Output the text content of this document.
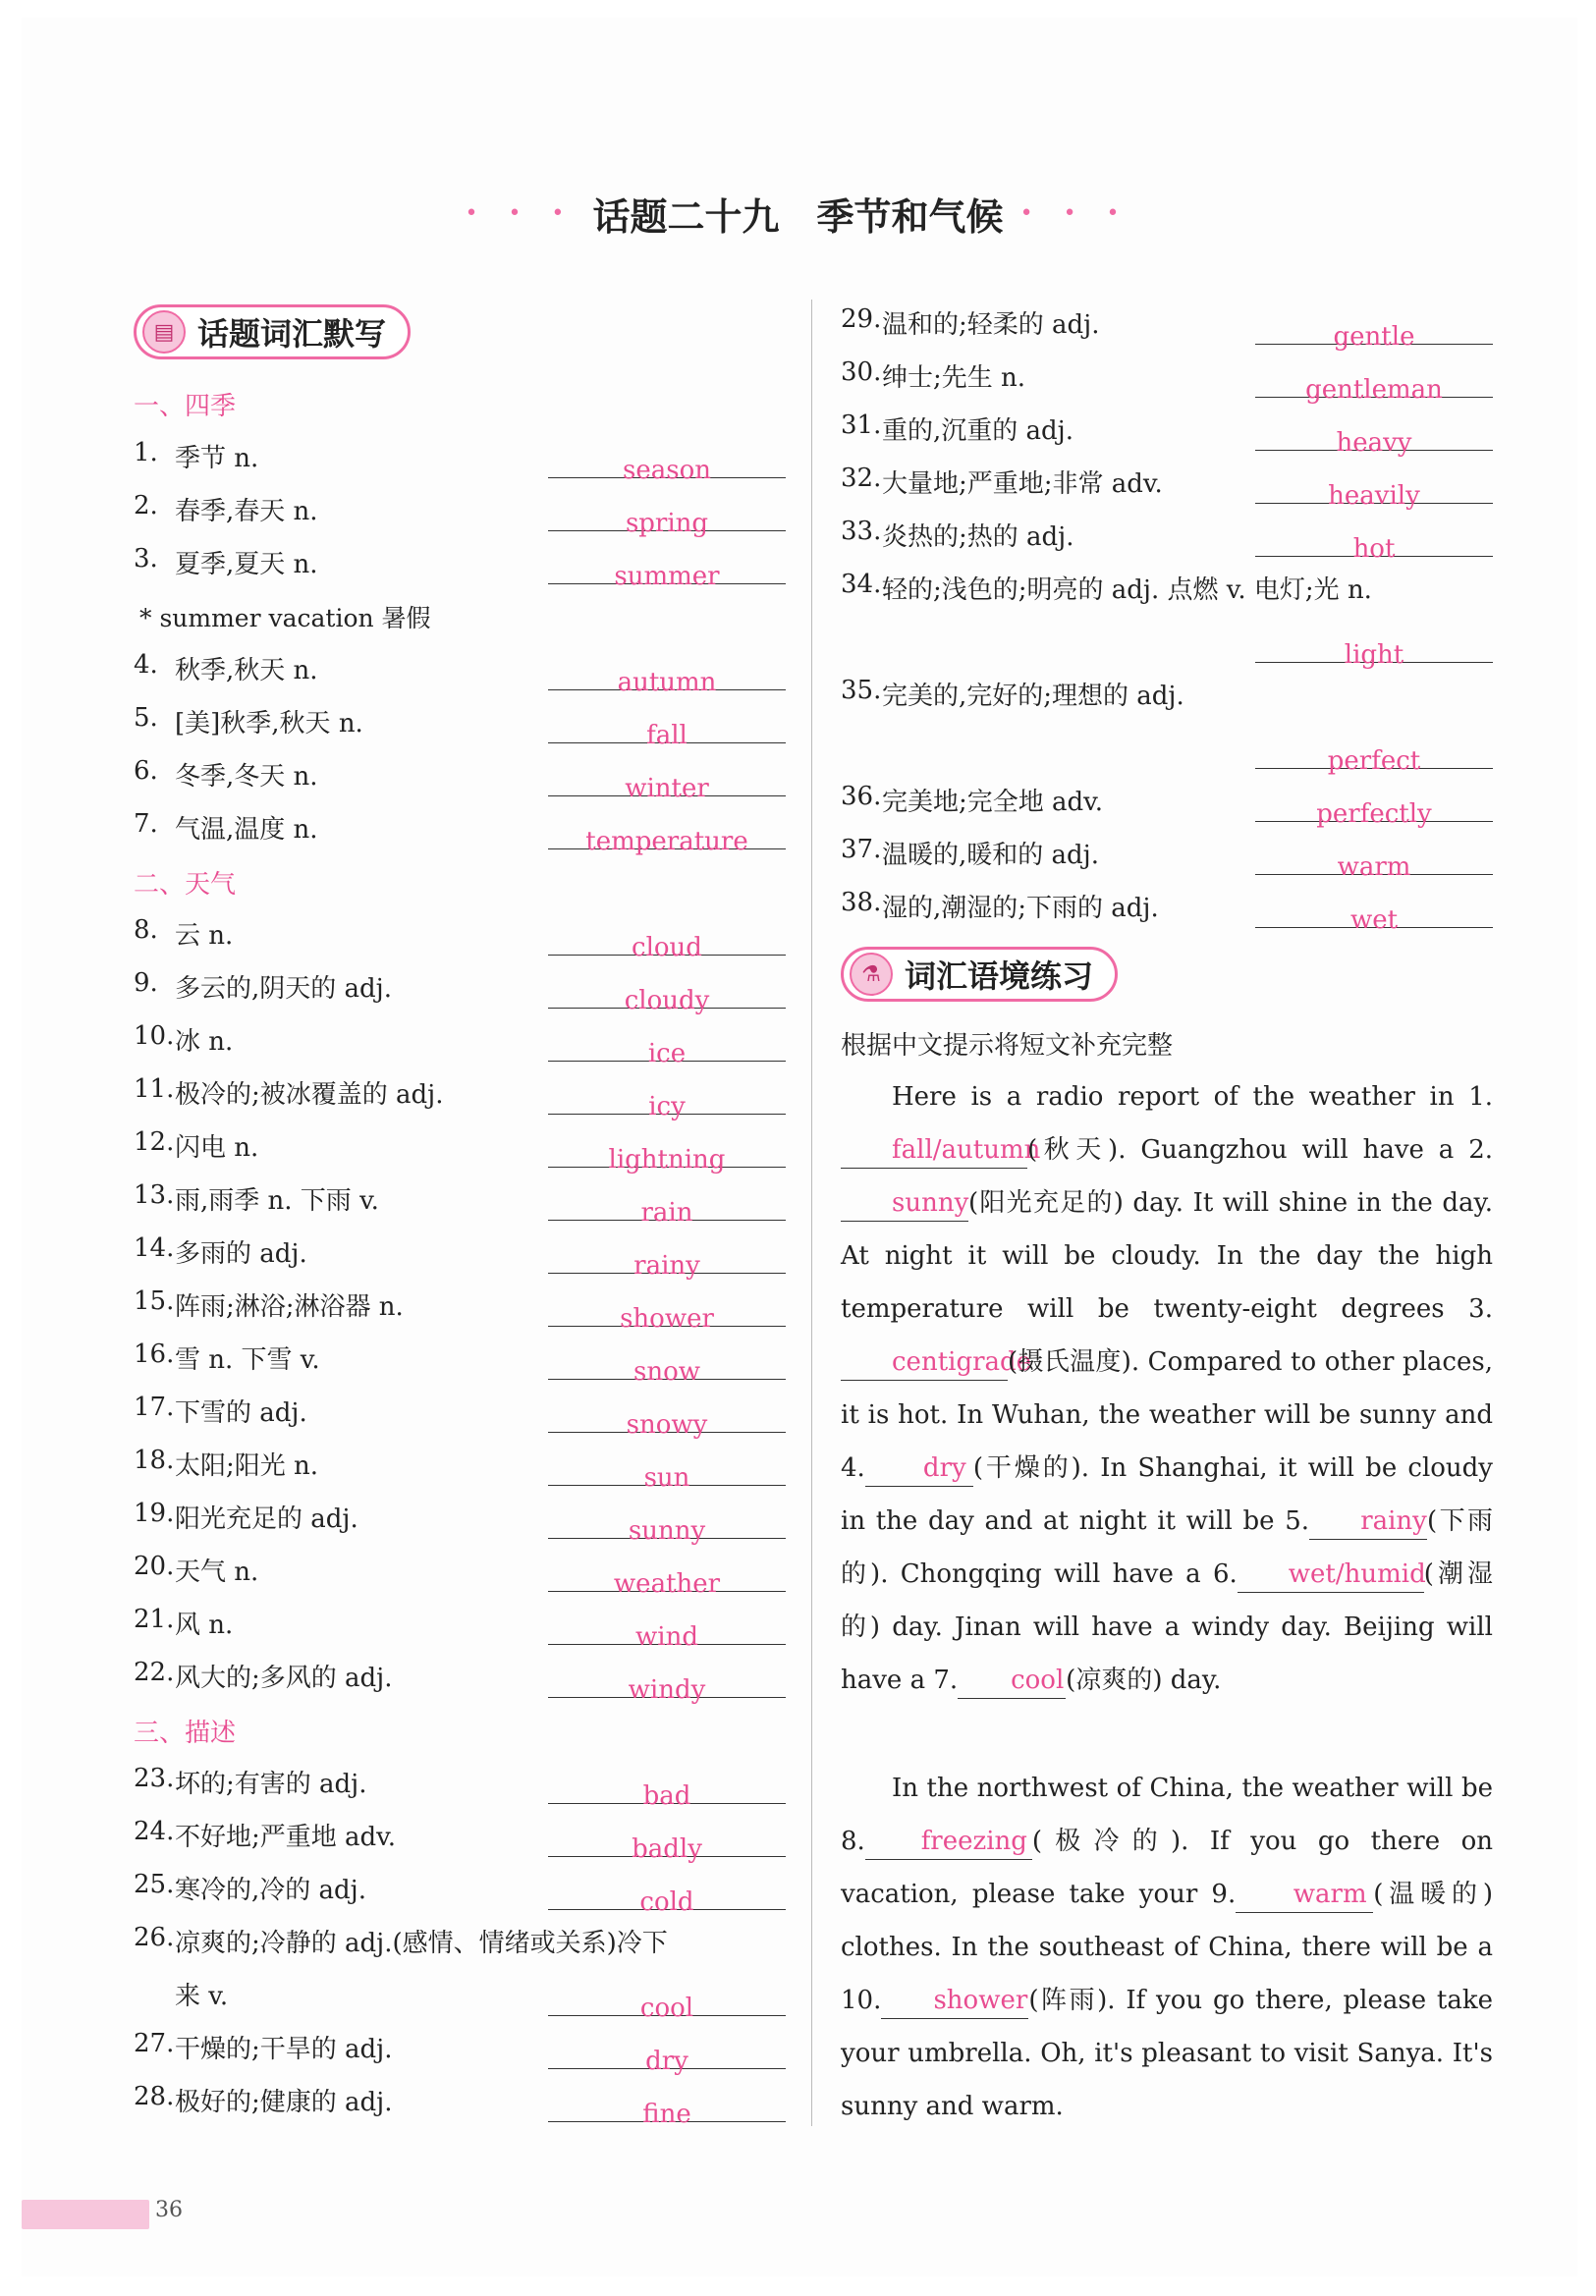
• • • 话题二十九　季节和气候 • • •
▤ 话题词汇默写
一、四季
1. 季节 n.	season
2. 春季,春天 n.	spring
3. 夏季,夏天 n.	summer
* summer vacation 暑假
4. 秋季,秋天 n.	autumn
5. [美]秋季,秋天 n.	fall
6. 冬季,冬天 n.	winter
7. 气温,温度 n.	temperature
二、天气
8. 云 n.	cloud
9. 多云的,阴天的 adj.	cloudy
10. 冰 n.	ice
11. 极冷的;被冰覆盖的 adj.	icy
12. 闪电 n.	lightning
13. 雨,雨季 n. 下雨 v.	rain
14. 多雨的 adj.	rainy
15. 阵雨;淋浴;淋浴器 n.	shower
16. 雪 n. 下雪 v.	snow
17. 下雪的 adj.	snowy
18. 太阳;阳光 n.	sun
19. 阳光充足的 adj.	sunny
20. 天气 n.	weather
21. 风 n.	wind
22. 风大的;多风的 adj.	windy
三、描述
23. 坏的;有害的 adj.	bad
24. 不好地;严重地 adv.	badly
25. 寒冷的,冷的 adj.	cold
26. 凉爽的;冷静的 adj.(感情、情绪或关系)冷下
来 v.	cool
27. 干燥的;干旱的 adj.	dry
28. 极好的;健康的 adj.	fine
29. 温和的;轻柔的 adj.	gentle
30. 绅士;先生 n.	gentleman
31. 重的,沉重的 adj.	heavy
32. 大量地;严重地;非常 adv.	heavily
33. 炎热的;热的 adj.	hot
34. 轻的;浅色的;明亮的 adj. 点燃 v. 电灯;光 n.
light
35. 完美的,完好的;理想的 adj.
perfect
36. 完美地;完全地 adv.	perfectly
37. 温暖的,暖和的 adj.	warm
38. 湿的,潮湿的;下雨的 adj.	wet
⚗ 词汇语境练习
根据中文提示将短文补充完整
Here is a radio report of the weather in 1.fall/autumn(秋天). Guangzhou will have a 2.sunny(阳光充足的) day. It will shine in the day. At night it will be cloudy. In the day the high temperature will be twenty-eight degrees 3.centigrade(摄氏温度). Compared to other places, it is hot. In Wuhan, the weather will be sunny and 4. dry (干燥的). In Shanghai, it will be cloudy in the day and at night it will be 5. rainy(下雨的). Chongqing will have a 6. wet/humid(潮湿的) day. Jinan will have a windy day. Beijing will have a 7. cool(凉爽的) day.
In the northwest of China, the weather will be 8. freezing (极冷的). If you go there on vacation, please take your 9. warm (温暖的) clothes. In the southeast of China, there will be a 10. shower(阵雨). If you go there, please take your umbrella. Oh, it's pleasant to visit Sanya. It's sunny and warm.
36
